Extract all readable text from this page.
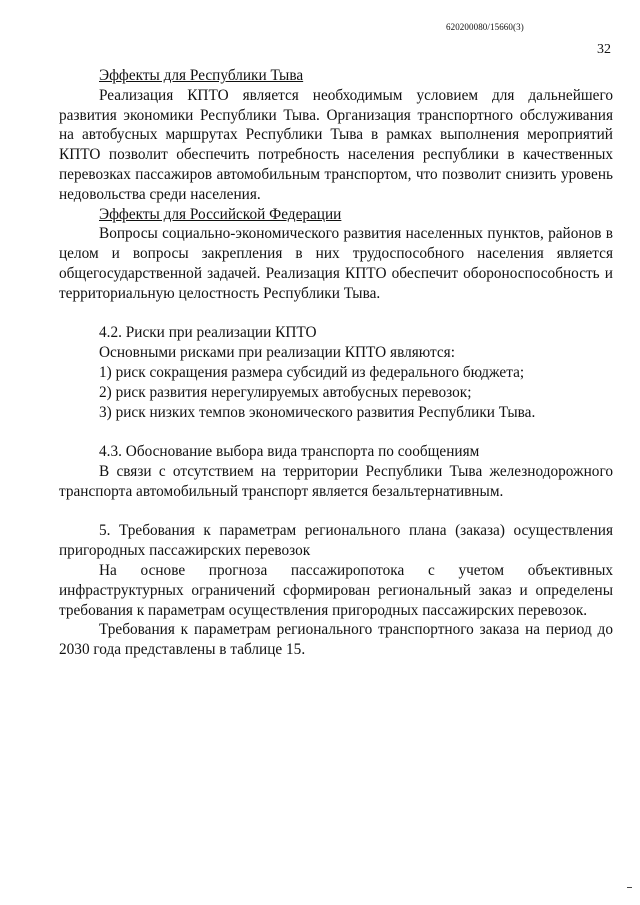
620200080/15660(3)
32

Эффекты для Республики Тыва

Реализация КПТО является необходимым условием для дальнейшего развития экономики Республики Тыва. Организация транспортного обслуживания на автобусных маршрутах Республики Тыва в рамках выполнения мероприятий КПТО позволит обеспечить потребность населения республики в качественных перевозках пассажиров автомобильным транспортом, что позволит снизить уровень недовольства среди населения.

Эффекты для Российской Федерации

Вопросы социально-экономического развития населенных пунктов, районов в целом и вопросы закрепления в них трудоспособного населения является общегосударственной задачей. Реализация КПТО обеспечит обороноспособность и территориальную целостность Республики Тыва.

4.2. Риски при реализации КПТО

Основными рисками при реализации КПТО являются:

1) риск сокращения размера субсидий из федерального бюджета;

2) риск развития нерегулируемых автобусных перевозок;

3) риск низких темпов экономического развития Республики Тыва.

4.3. Обоснование выбора вида транспорта по сообщениям

В связи с отсутствием на территории Республики Тыва железнодорожного транспорта автомобильный транспорт является безальтернативным.

5. Требования к параметрам регионального плана (заказа) осуществления пригородных пассажирских перевозок

На основе прогноза пассажиропотока с учетом объективных инфраструктурных ограничений сформирован региональный заказ и определены требования к параметрам осуществления пригородных пассажирских перевозок.

Требования к параметрам регионального транспортного заказа на период до 2030 года представлены в таблице 15.
